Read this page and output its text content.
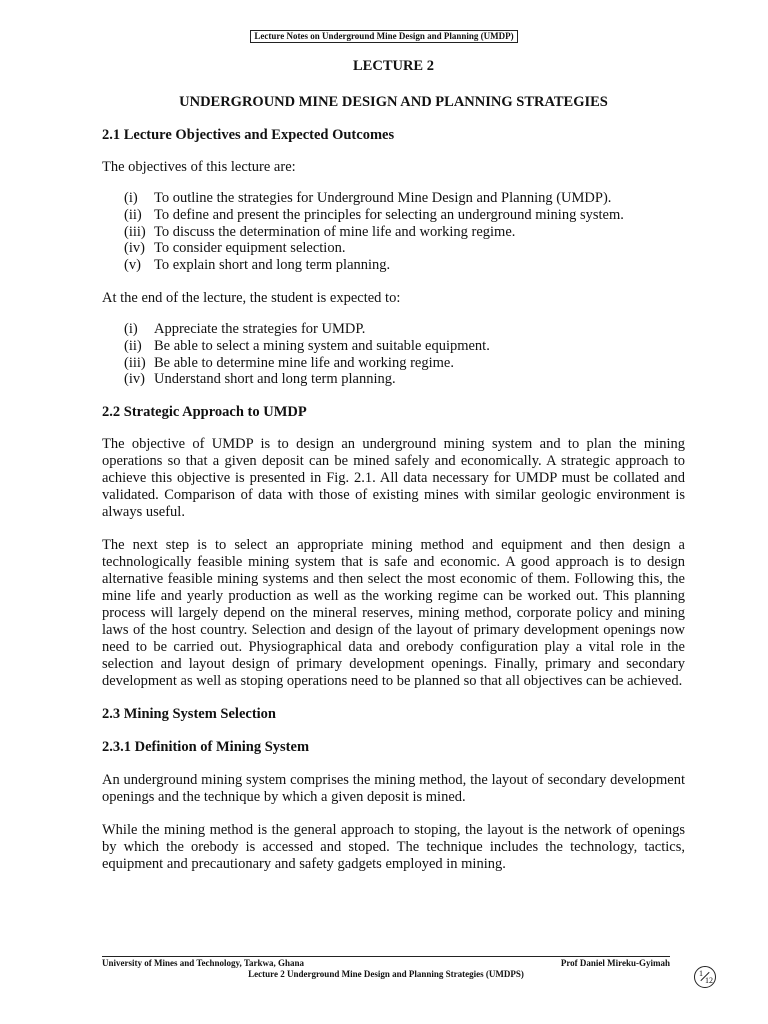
Lecture Notes on Underground Mine Design and Planning (UMDP)

LECTURE 2

UNDERGROUND MINE DESIGN AND PLANNING STRATEGIES

2.1 Lecture Objectives and Expected Outcomes

The objectives of this lecture are:

(i)	To outline the strategies for Underground Mine Design and Planning (UMDP).
(ii) To define and present the principles for selecting an underground mining system.
(iii) To discuss the determination of mine life and working regime.
(iv) To consider equipment selection.
(v) To explain short and long term planning.

At the end of the lecture, the student is expected to:

(i)	Appreciate the strategies for UMDP.
(ii) Be able to select a mining system and suitable equipment.
(iii) Be able to determine mine life and working regime.
(iv) Understand short and long term planning.
2.2 Strategic Approach to UMDP

The objective of UMDP is to design an underground mining system and to plan the mining operations so that a given deposit can be mined safely and economically. A strategic approach to achieve this objective is presented in Fig. 2.1. All data necessary for UMDP must be collated and validated. Comparison of data with those of existing mines with similar geologic environment is always useful.

The next step is to select an appropriate mining method and equipment and then design a technologically feasible mining system that is safe and economic. A good approach is to design alternative feasible mining systems and then select the most economic of them. Following this, the mine life and yearly production as well as the working regime can be worked out. This planning process will largely depend on the mineral reserves, mining method, corporate policy and mining laws of the host country. Selection and design of the layout of primary development openings now need to be carried out. Physiographical data and orebody configuration play a vital role in the selection and layout design of primary development openings. Finally, primary and secondary development as well as stoping operations need to be planned so that all objectives can be achieved.

2.3 Mining System Selection
2.3.1 Definition of Mining System

An underground mining system comprises the mining method, the layout of secondary development openings and the technique by which a given deposit is mined.

While the mining method is the general approach to stoping, the layout is the network of openings by which the orebody is accessed and stoped. The technique includes the technology, tactics, equipment and precautionary and safety gadgets employed in mining.

University of Mines and Technology, Tarkwa, Ghana	Prof Daniel Mireku-Gyimah
Lecture 2 Underground Mine Design and Planning Strategies (UMDPS)	1
12
